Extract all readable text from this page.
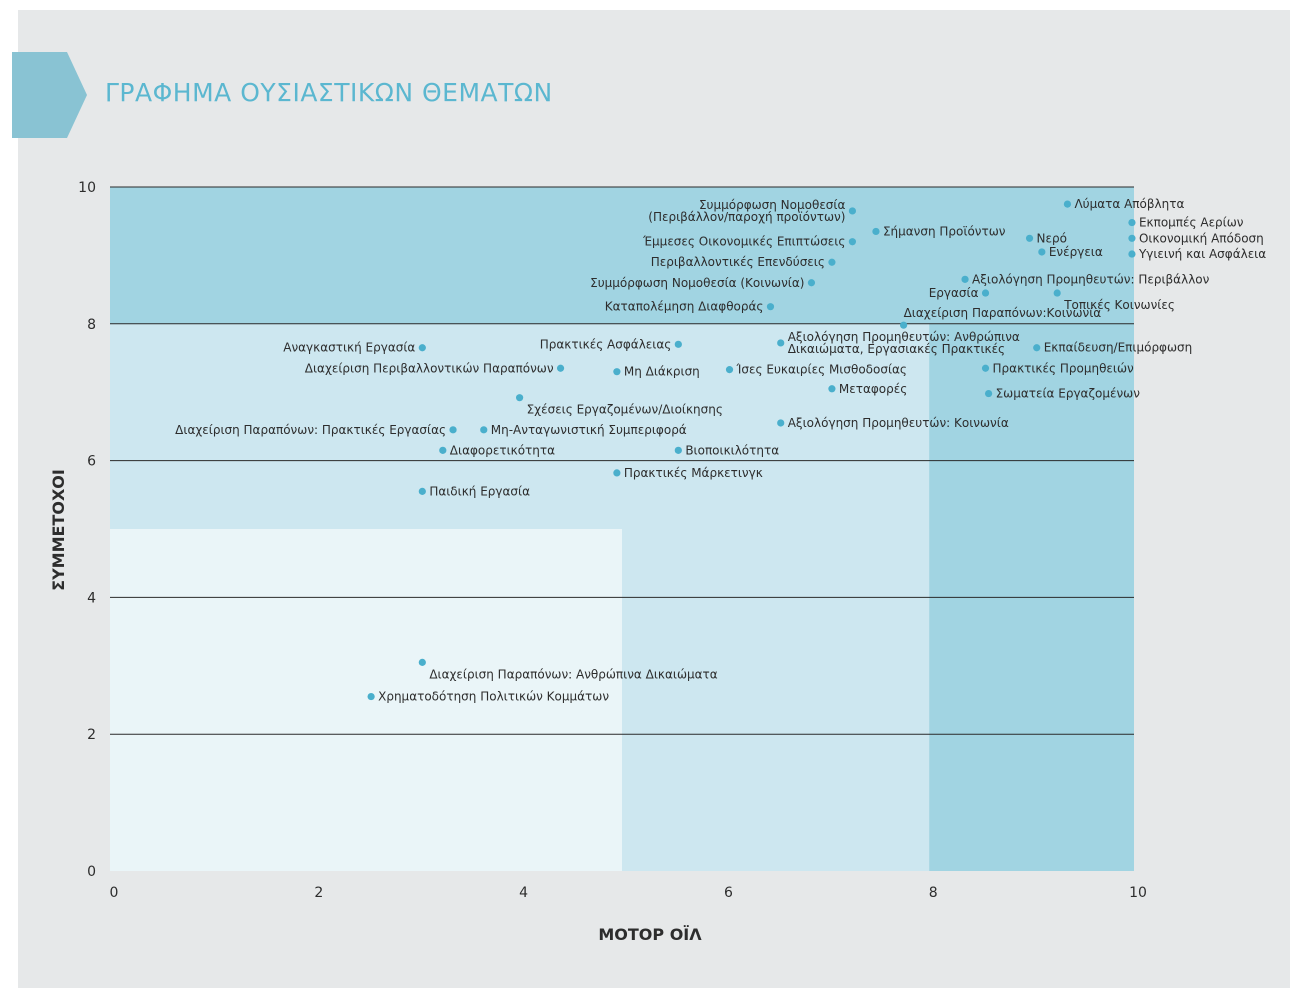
ΓΡΑΦΗΜΑ ΟΥΣΙΑΣΤΙΚΩΝ ΘΕΜΑΤΩΝ
0
2
4
6
8
10
0	2	4	6	8	10
ΜΟΤΟΡ ΟΪΛ
ΣΥΜΜΕΤΟΧΟΙ
Συμμόρφωση Νομοθεσία (Περιβάλλον/παροχή προϊόντων)
Λύματα Απόβλητα
Σήμανση Προϊόντων
Εκπομπές Αερίων
Έμμεσες Οικονομικές Επιπτώσεις	Νερό	Οικονομική Απόδοση
Ενέργεια	Υγιεινή και Ασφάλεια
Περιβαλλοντικές Επενδύσεις
Αξιολόγηση Προμηθευτών: Περιβάλλον
Συμμόρφωση Νομοθεσία (Κοινωνία)
Εργασία
Τοπικές Κοινωνίες
Καταπολέμηση Διαφθοράς	Διαχείριση Παραπόνων:Κοινωνία
Αξιολόγηση Προμηθευτών: Ανθρώπινα Δικαιώματα, Εργασιακές Πρακτικές
Πρακτικές Ασφάλειας
Αναγκαστική Εργασία	Εκπαίδευση/Επιμόρφωση
Διαχείριση Περιβαλλοντικών Παραπόνων	Μη Διάκριση	Ίσες Ευκαιρίες Μισθοδοσίας	Πρακτικές Προμηθειών
Μεταφορές	Σωματεία Εργαζομένων
Σχέσεις Εργαζομένων/Διοίκησης
Αξιολόγηση Προμηθευτών: Κοινωνία
Διαχείριση Παραπόνων: Πρακτικές Εργασίας	Μη-Ανταγωνιστική Συμπεριφορά
Διαφορετικότητα	Βιοποικιλότητα
Πρακτικές Μάρκετινγκ
Παιδική Εργασία
Διαχείριση Παραπόνων: Ανθρώπινα Δικαιώματα
Χρηματοδότηση Πολιτικών Κομμάτων
